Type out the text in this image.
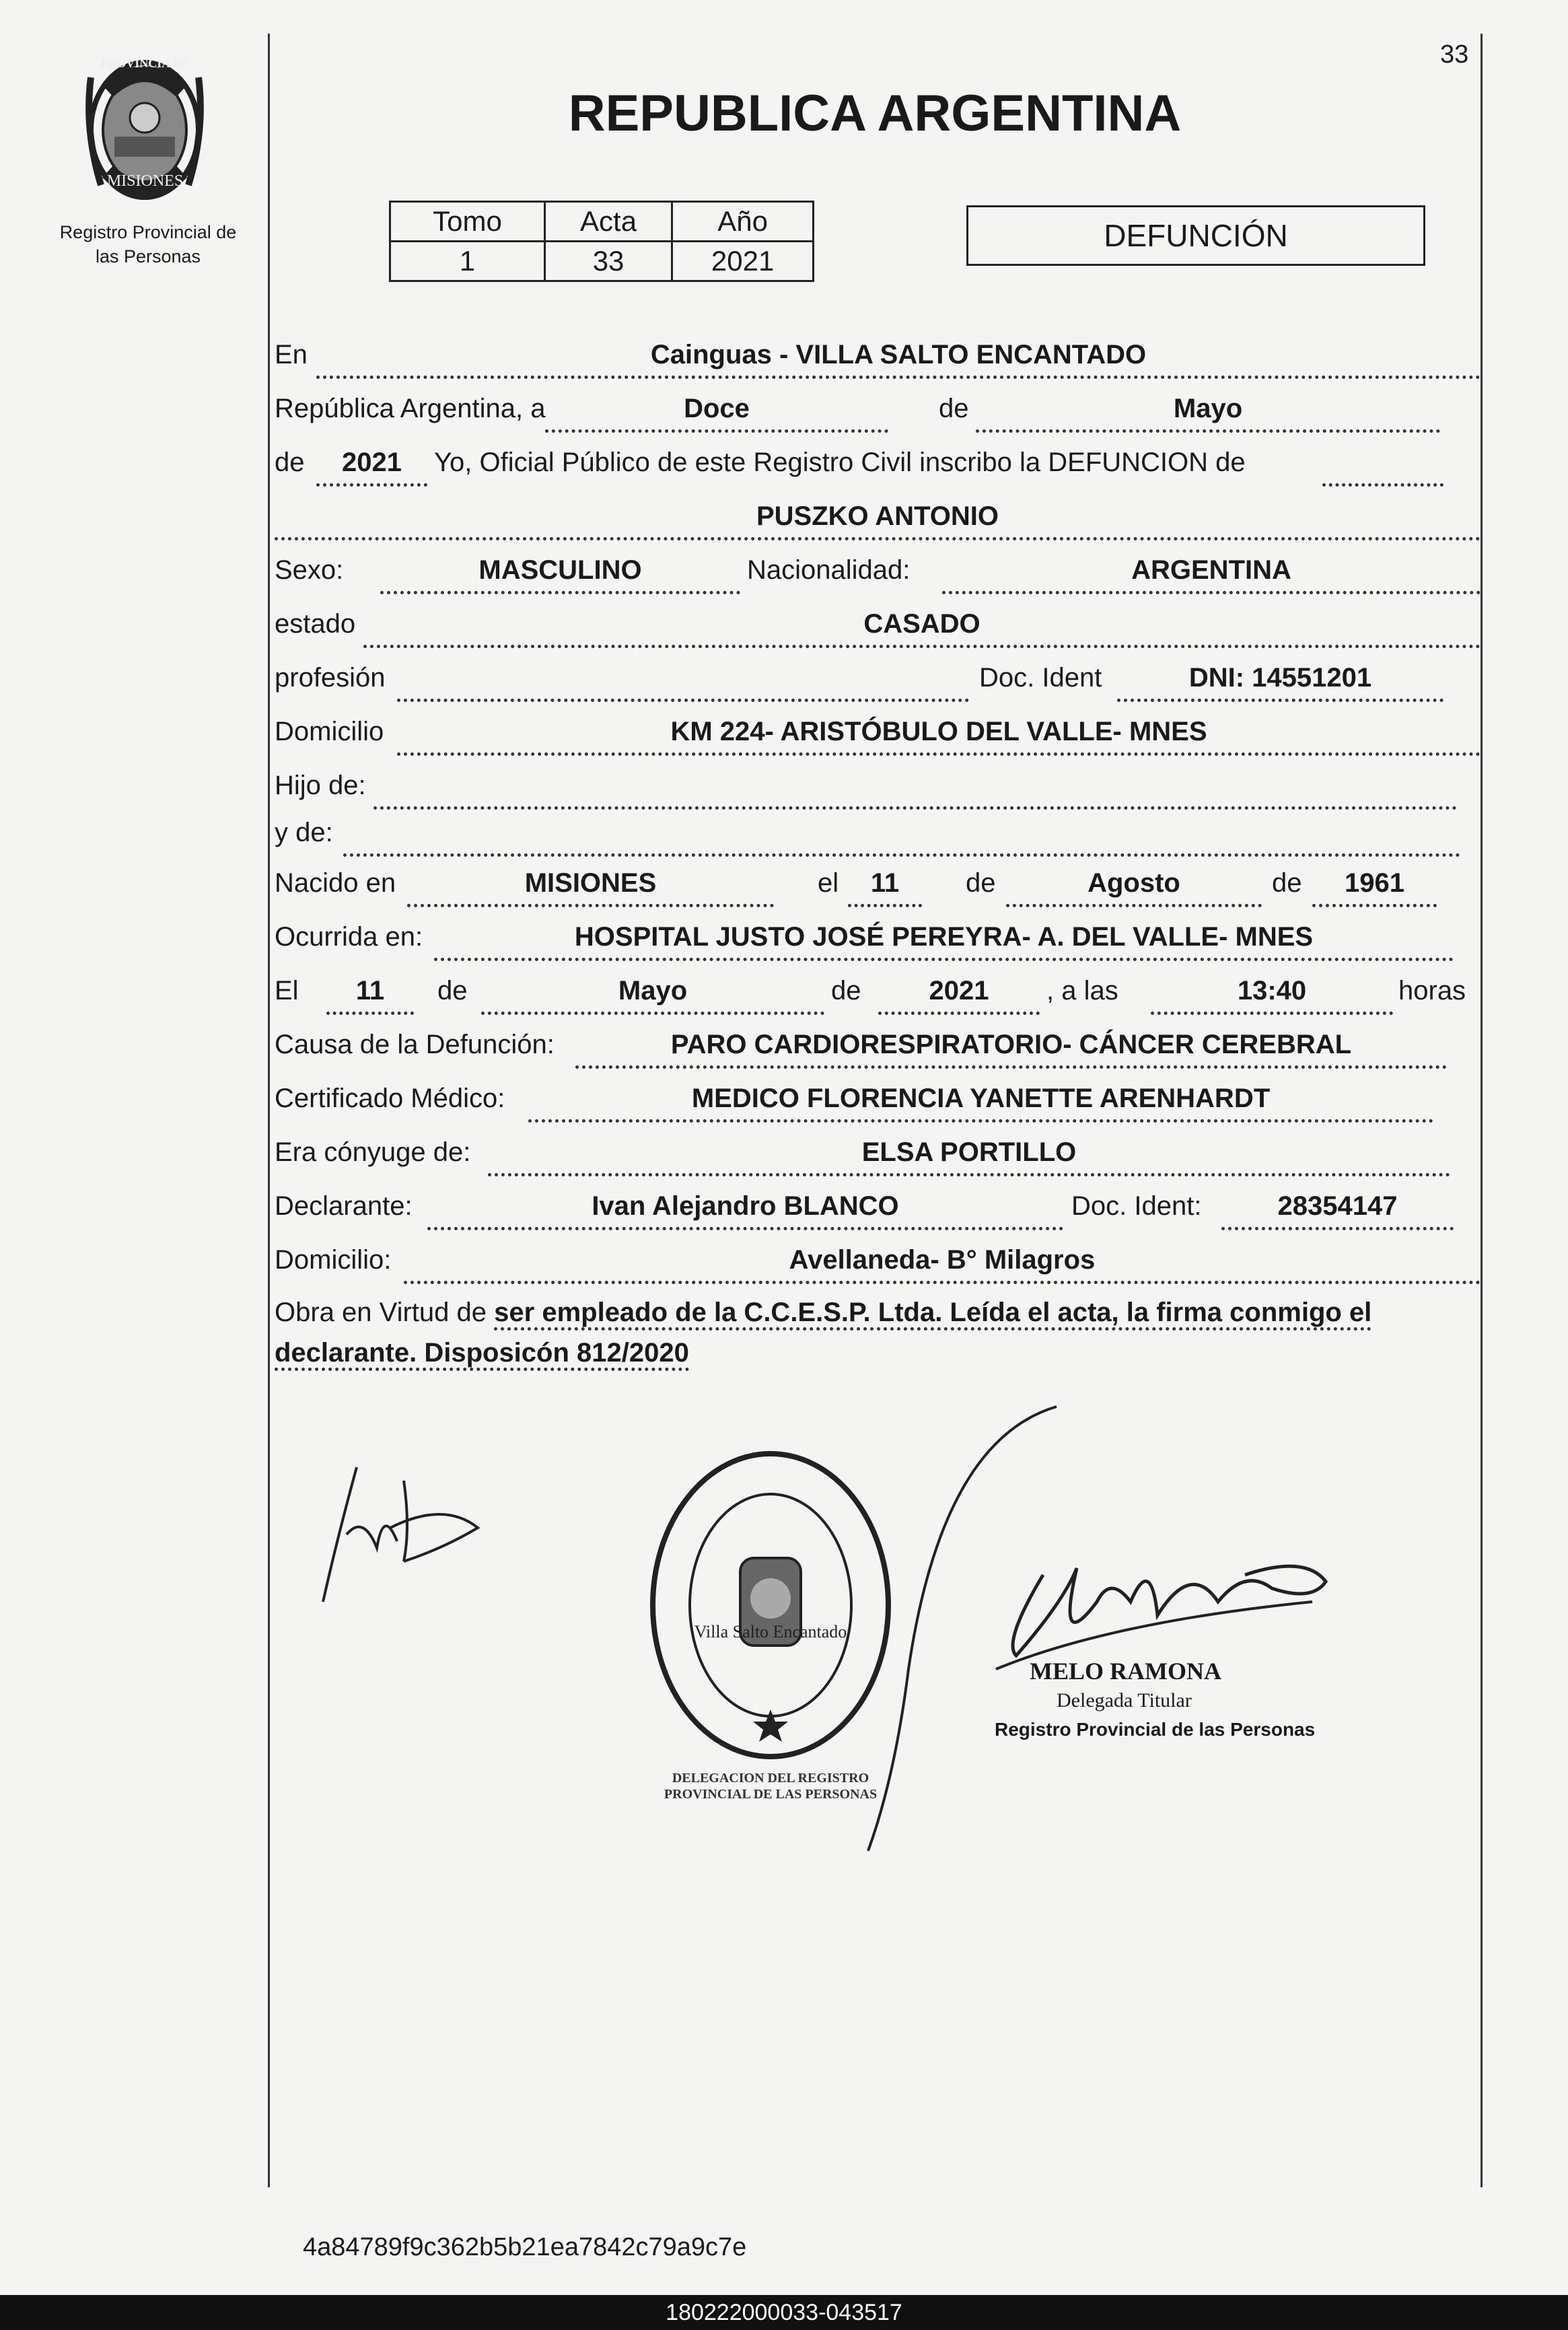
33
PROVINCIA DE
MISIONES
Registro Provincial de
las Personas
REPUBLICA ARGENTINA
Tomo	Acta	Año
1	33	2021
DEFUNCIÓN
En	Cainguas - VILLA SALTO ENCANTADO
República Argentina, a	Doce	de	Mayo
de	2021	Yo, Oficial Público de este Registro Civil inscribo la DEFUNCION de
PUSZKO ANTONIO
Sexo:	MASCULINO	Nacionalidad:	ARGENTINA
estado	CASADO
profesión	Doc. Ident	DNI: 14551201
Domicilio	KM 224- ARISTÓBULO DEL VALLE- MNES
Hijo de:
y de:
Nacido en	MISIONES	el	11	de	Agosto	de	1961
Ocurrida en:	HOSPITAL JUSTO JOSÉ PEREYRA- A. DEL VALLE- MNES
El	11	de	Mayo	de	2021	, a las	13:40	horas
Causa de la Defunción:	PARO CARDIORESPIRATORIO- CÁNCER CEREBRAL
Certificado Médico:	MEDICO FLORENCIA YANETTE ARENHARDT
Era cónyuge de:	ELSA PORTILLO
Declarante:	Ivan Alejandro BLANCO	Doc. Ident:	28354147
Domicilio:	Avellaneda- B° Milagros
Obra en Virtud de ser empleado de la C.C.E.S.P. Ltda. Leída el acta, la firma conmigo el
declarante. Disposicón 812/2020
DELEGACION DEL REGISTRO PROVINCIAL DE LAS PERSONAS
Villa Salto Encantado
MELO RAMONA
Delegada Titular
Registro Provincial de las Personas
4a84789f9c362b5b21ea7842c79a9c7e
180222000033-043517
